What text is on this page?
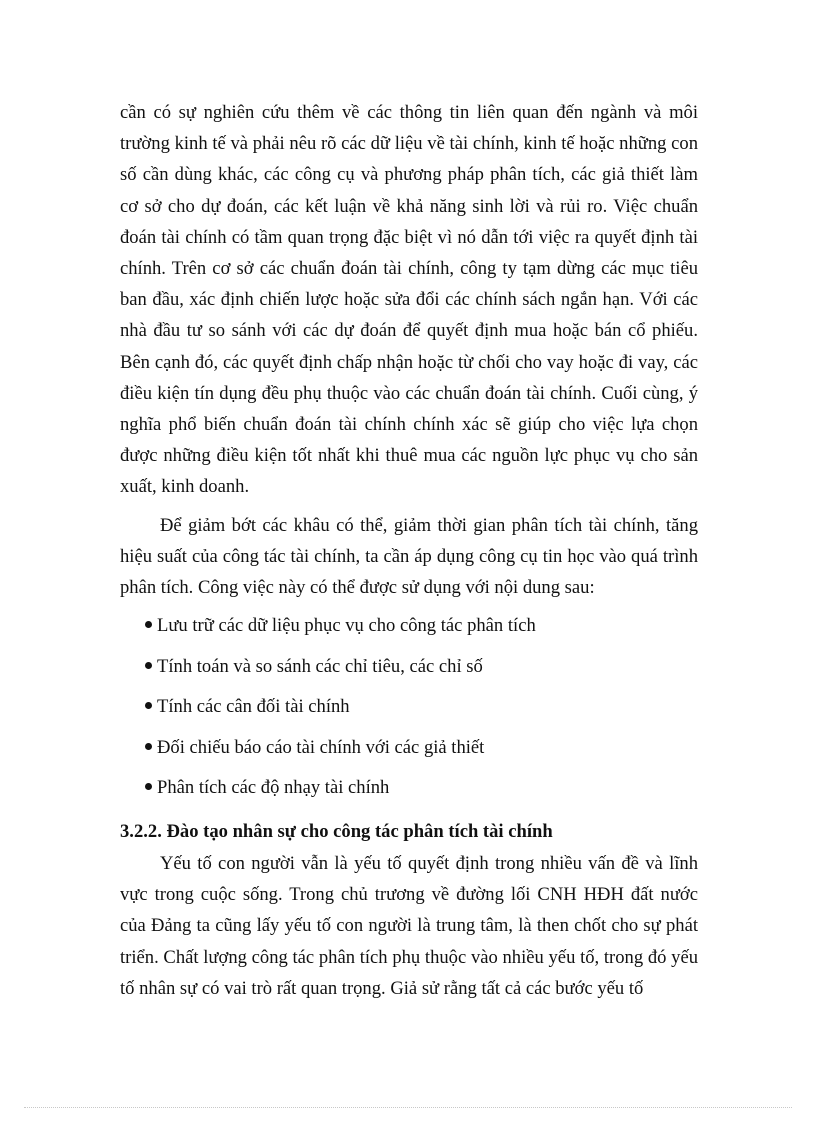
cần có sự nghiên cứu thêm về các thông tin liên quan đến ngành và môi trường kinh tế và phải nêu rõ các dữ liệu về tài chính, kinh tế hoặc những con số cần dùng khác, các công cụ và phương pháp phân tích, các giả thiết làm cơ sở cho dự đoán, các kết luận về khả năng sinh lời và rủi ro. Việc chuẩn đoán tài chính có tầm quan trọng đặc biệt vì nó dẫn tới việc ra quyết định tài chính. Trên cơ sở các chuẩn đoán tài chính, công ty tạm dừng các mục tiêu ban đầu, xác định chiến lược hoặc sửa đổi các chính sách ngắn hạn. Với các nhà đầu tư so sánh với các dự đoán để quyết định mua hoặc bán cổ phiếu. Bên cạnh đó, các quyết định chấp nhận hoặc từ chối cho vay hoặc đi vay, các điều kiện tín dụng đều phụ thuộc vào các chuẩn đoán tài chính. Cuối cùng, ý nghĩa phổ biến chuẩn đoán tài chính chính xác sẽ giúp cho việc lựa chọn được những điều kiện tốt nhất khi thuê mua các nguồn lực phục vụ cho sản xuất, kinh doanh.

Để giảm bớt các khâu có thể, giảm thời gian phân tích tài chính, tăng hiệu suất của công tác tài chính, ta cần áp dụng công cụ tin học vào quá trình phân tích. Công việc này có thể được sử dụng với nội dung sau:

Lưu trữ các dữ liệu phục vụ cho công tác phân tích
Tính toán và so sánh các chỉ tiêu, các chỉ số
Tính các cân đối tài chính
Đối chiếu báo cáo tài chính với các giả thiết
Phân tích các độ nhạy tài chính
3.2.2. Đào tạo nhân sự cho công tác phân tích tài chính

Yếu tố con người vẫn là yếu tố quyết định trong nhiều vấn đề và lĩnh vực trong cuộc sống. Trong chủ trương về đường lối CNH HĐH đất nước của Đảng ta cũng lấy yếu tố con người là trung tâm, là then chốt cho sự phát triển. Chất lượng công tác phân tích phụ thuộc vào nhiều yếu tố, trong đó yếu tố nhân sự có vai trò rất quan trọng. Giả sử rằng tất cả các bước yếu tố
